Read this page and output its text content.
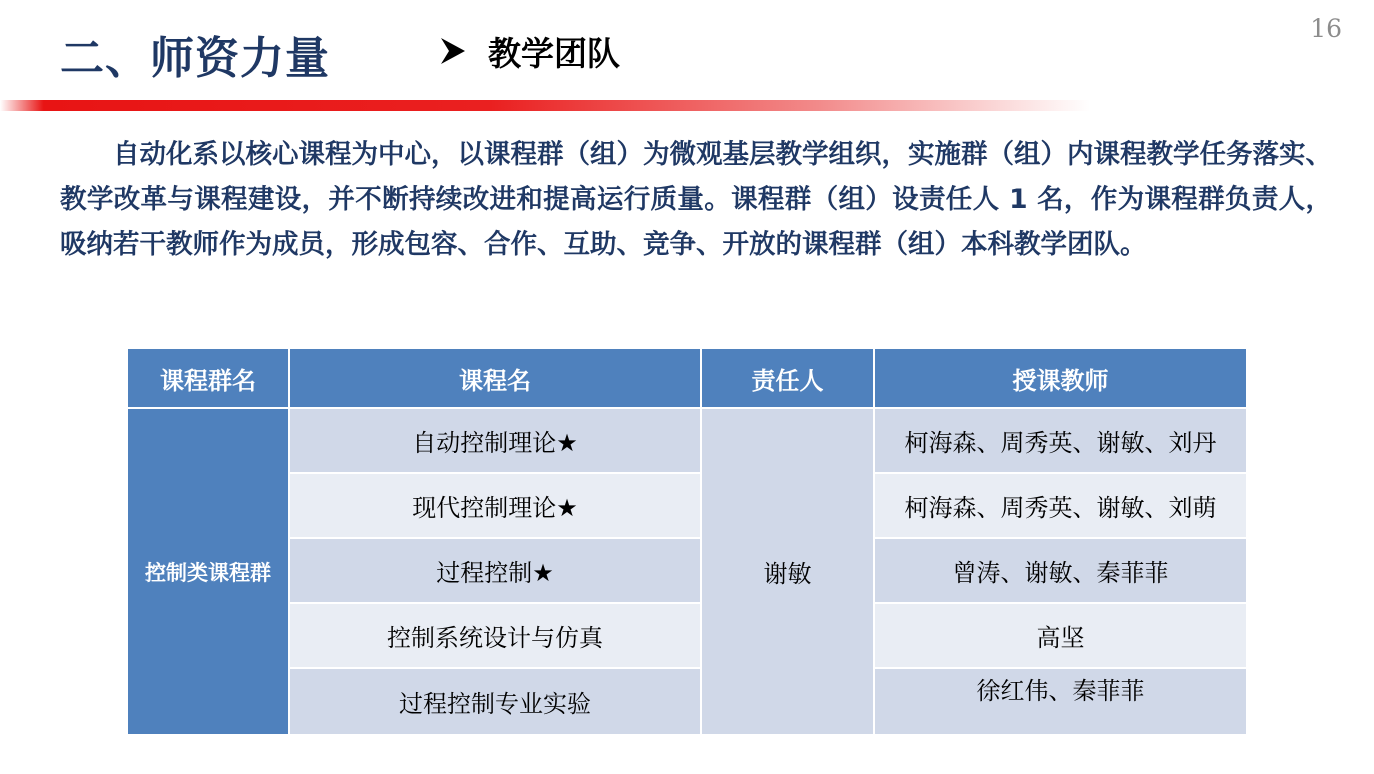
二、师资力量	教学团队
16

自动化系以核心课程为中心，以课程群（组）为微观基层教学组织，实施群（组）内课程教学任务落实、教学改革与课程建设，并不断持续改进和提高运行质量。课程群（组）设责任人 1 名，作为课程群负责人，吸纳若干教师作为成员，形成包容、合作、互助、竞争、开放的课程群（组）本科教学团队。

课程群名	课程名	责任人	授课教师
控制类课程群	自动控制理论★	谢敏	柯海森、周秀英、谢敏、刘丹
	现代控制理论★		柯海森、周秀英、谢敏、刘萌
	过程控制★		曾涛、谢敏、秦菲菲
	控制系统设计与仿真		高坚
	过程控制专业实验		徐红伟、秦菲菲
